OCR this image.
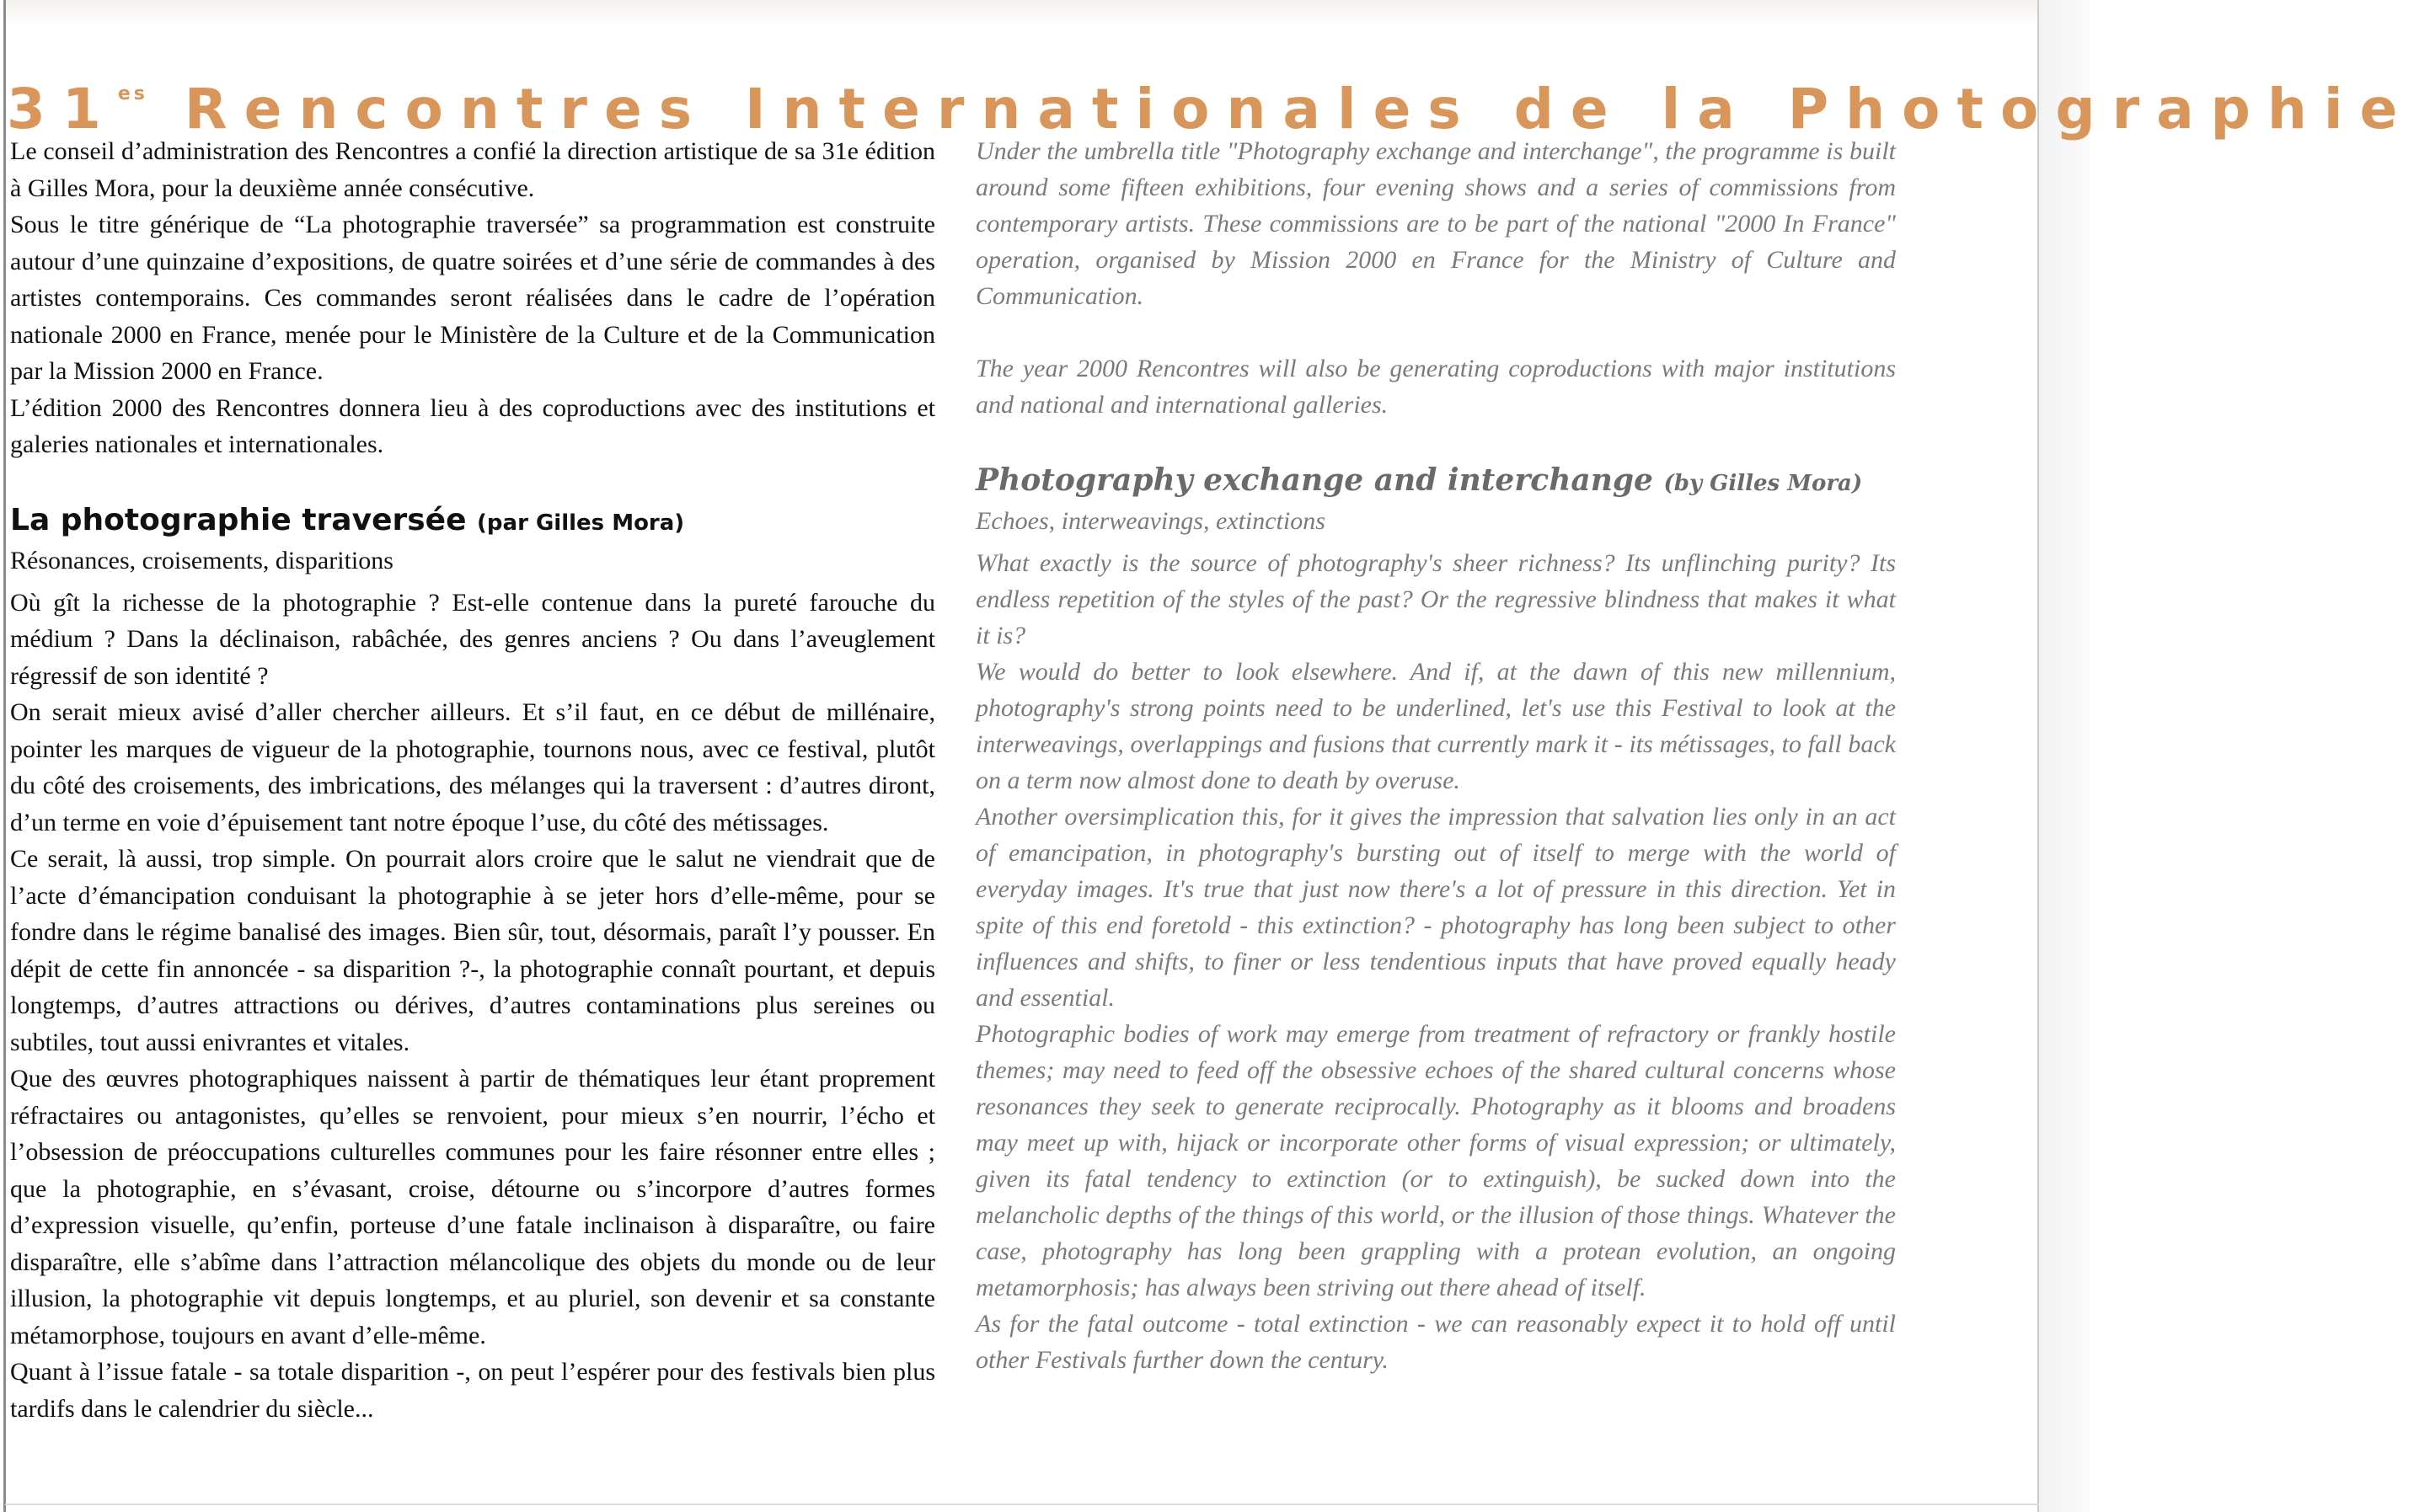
$31^{es}$ Rencontres Internationales de la Photographie

Le conseil d’administration des Rencontres a confié la direction artistique de sa 31e édition à Gilles Mora, pour la deuxième année consécutive.

Sous le titre générique de “La photographie traversée” sa programmation est construite autour d’une quinzaine d’expositions, de quatre soirées et d’une série de commandes à des artistes contemporains. Ces commandes seront réalisées dans le cadre de l’opération nationale 2000 en France, menée pour le Ministère de la Culture et de la Communication par la Mission 2000 en France.

L’édition 2000 des Rencontres donnera lieu à des coproductions avec des institutions et galeries nationales et internationales.

La photographie traversée (par Gilles Mora)

Résonances, croisements, disparitions

Où gît la richesse de la photographie ? Est-elle contenue dans la pureté farouche du médium ? Dans la déclinaison, rabâchée, des genres anciens ? Ou dans l’aveuglement régressif de son identité ?

On serait mieux avisé d’aller chercher ailleurs. Et s’il faut, en ce début de millénaire, pointer les marques de vigueur de la photographie, tournons nous, avec ce festival, plutôt du côté des croisements, des imbrications, des mélanges qui la traversent : d’autres diront, d’un terme en voie d’épuisement tant notre époque l’use, du côté des métissages.

Ce serait, là aussi, trop simple. On pourrait alors croire que le salut ne viendrait que de l’acte d’émancipation conduisant la photographie à se jeter hors d’elle-même, pour se fondre dans le régime banalisé des images. Bien sûr, tout, désormais, paraît l’y pousser. En dépit de cette fin annoncée - sa disparition ?-, la photographie connaît pourtant, et depuis longtemps, d’autres attractions ou dérives, d’autres contaminations plus sereines ou subtiles, tout aussi enivrantes et vitales.

Que des œuvres photographiques naissent à partir de thématiques leur étant proprement réfractaires ou antagonistes, qu’elles se renvoient, pour mieux s’en nourrir, l’écho et l’obsession de préoccupations culturelles communes pour les faire résonner entre elles ; que la photographie, en s’évasant, croise, détourne ou s’incorpore d’autres formes d’expression visuelle, qu’enfin, porteuse d’une fatale inclinaison à disparaître, ou faire disparaître, elle s’abîme dans l’attraction mélancolique des objets du monde ou de leur illusion, la photographie vit depuis longtemps, et au pluriel, son devenir et sa constante métamorphose, toujours en avant d’elle-même.

Quant à l’issue fatale - sa totale disparition -, on peut l’espérer pour des festivals bien plus tardifs dans le calendrier du siècle...

Under the umbrella title "Photography exchange and interchange", the programme is built around some fifteen exhibitions, four evening shows and a series of commissions from contemporary artists. These commissions are to be part of the national "2000 In France" operation, organised by Mission 2000 en France for the Ministry of Culture and Communication.

The year 2000 Rencontres will also be generating coproductions with major institutions and national and international galleries.

Photography exchange and interchange (by Gilles Mora)

Echoes, interweavings, extinctions

What exactly is the source of photography's sheer richness? Its unflinching purity? Its endless repetition of the styles of the past? Or the regressive blindness that makes it what it is?

We would do better to look elsewhere. And if, at the dawn of this new millennium, photography's strong points need to be underlined, let's use this Festival to look at the interweavings, overlappings and fusions that currently mark it - its métissages, to fall back on a term now almost done to death by overuse.

Another oversimplication this, for it gives the impression that salvation lies only in an act of emancipation, in photography's bursting out of itself to merge with the world of everyday images. It's true that just now there's a lot of pressure in this direction. Yet in spite of this end foretold - this extinction? - photography has long been subject to other influences and shifts, to finer or less tendentious inputs that have proved equally heady and essential.

Photographic bodies of work may emerge from treatment of refractory or frankly hostile themes; may need to feed off the obsessive echoes of the shared cultural concerns whose resonances they seek to generate reciprocally. Photography as it blooms and broadens may meet up with, hijack or incorporate other forms of visual expression; or ultimately, given its fatal tendency to extinction (or to extinguish), be sucked down into the melancholic depths of the things of this world, or the illusion of those things. Whatever the case, photography has long been grappling with a protean evolution, an ongoing metamorphosis; has always been striving out there ahead of itself.

As for the fatal outcome - total extinction - we can reasonably expect it to hold off until other Festivals further down the century.
